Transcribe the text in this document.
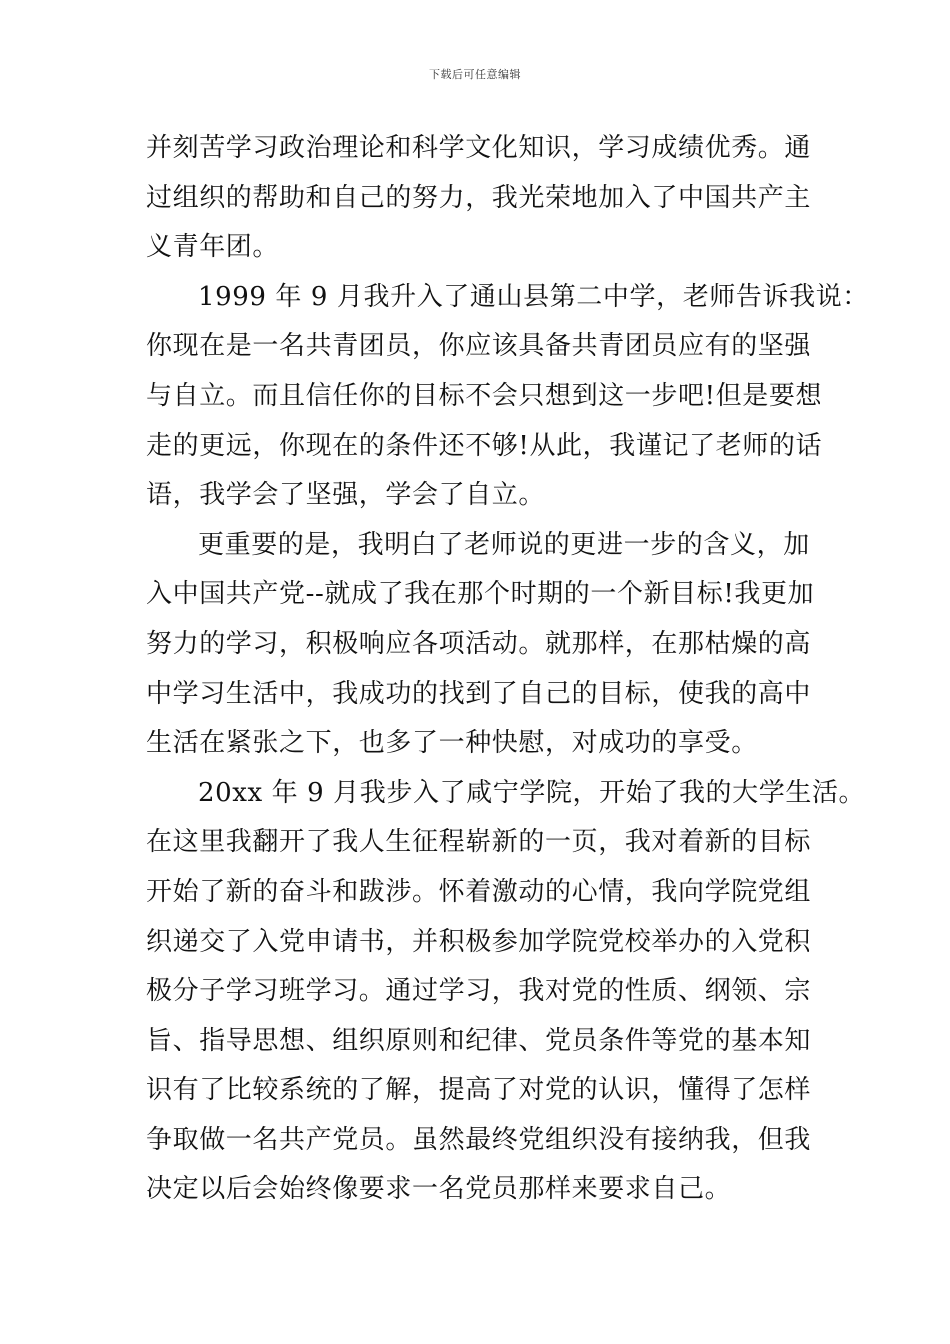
下载后可任意编辑
并刻苦学习政治理论和科学文化知识，学习成绩优秀。通
过组织的帮助和自己的努力，我光荣地加入了中国共产主
义青年团。
1999 年 9 月我升入了通山县第二中学，老师告诉我说：
你现在是一名共青团员，你应该具备共青团员应有的坚强
与自立。而且信任你的目标不会只想到这一步吧!但是要想
走的更远，你现在的条件还不够!从此，我谨记了老师的话
语，我学会了坚强，学会了自立。
更重要的是，我明白了老师说的更进一步的含义，加
入中国共产党--就成了我在那个时期的一个新目标!我更加
努力的学习，积极响应各项活动。就那样，在那枯燥的高
中学习生活中，我成功的找到了自己的目标，使我的高中
生活在紧张之下，也多了一种快慰，对成功的享受。
20xx 年 9 月我步入了咸宁学院，开始了我的大学生活。
在这里我翻开了我人生征程崭新的一页，我对着新的目标
开始了新的奋斗和跋涉。怀着激动的心情，我向学院党组
织递交了入党申请书，并积极参加学院党校举办的入党积
极分子学习班学习。通过学习，我对党的性质、纲领、宗
旨、指导思想、组织原则和纪律、党员条件等党的基本知
识有了比较系统的了解，提高了对党的认识，懂得了怎样
争取做一名共产党员。虽然最终党组织没有接纳我，但我
决定以后会始终像要求一名党员那样来要求自己。
